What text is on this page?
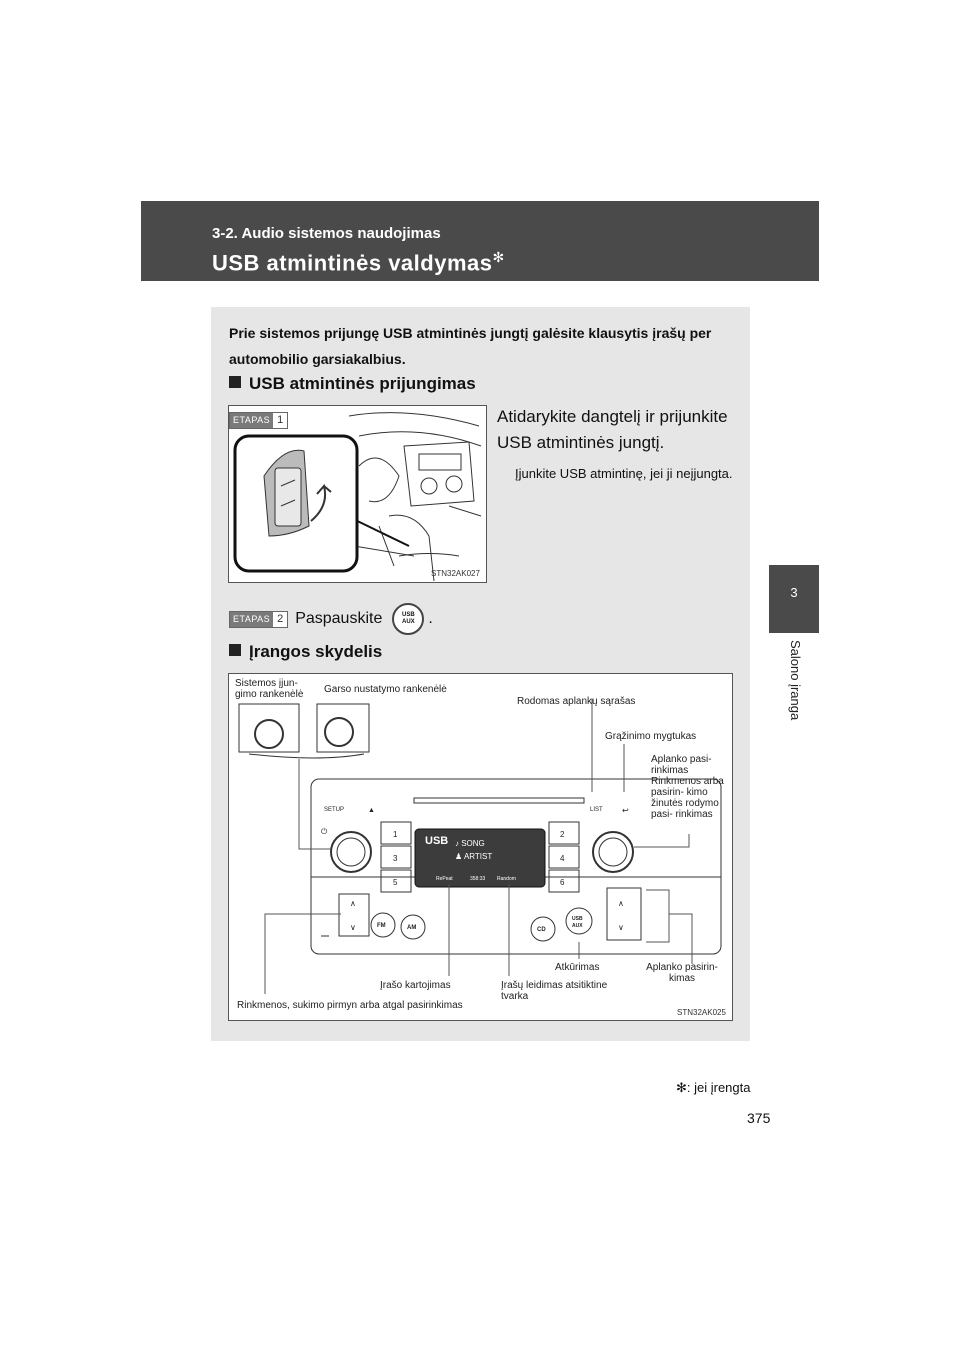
3-2. Audio sistemos naudojimas
USB atmintinės valdymas✻
3
Salono įranga
Prie sistemos prijungę USB atmintinės jungtį galėsite klausytis įrašų per automobilio garsiakalbius.
USB atmintinės prijungimas
STN32AK027
ETAPAS 1	Atidarykite dangtelį ir prijunkite USB atmintinės jungtį.
Įjunkite USB atmintinę, jei ji neįjungta.
ETAPAS 2 Paspauskite	USB
AUX .
Įrangos skydelis
SETUP	▲	LIST ↩
⏻	1	2
3	4
5	6
USB ♪ SONG
♟ ARTIST
RePeat	358:33 Random
∧
∨	FM	AM	CD
USB
AUX
∧
∨
Sistemos įjun- gimo rankenėlė	Garso nustatymo rankenėlė
Rodomas aplankų sąrašas
Grąžinimo mygtukas
Aplanko pasi- rinkimas Rinkmenos arba pasirin- kimo žinutės rodymo pasi- rinkimas
Atkūrimas	Aplanko pasirin- kimas
Įrašo kartojimas	Įrašų leidimas atsitiktine tvarka
Rinkmenos, sukimo pirmyn arba atgal pasirinkimas
STN32AK025
✻: jei įrengta
375
